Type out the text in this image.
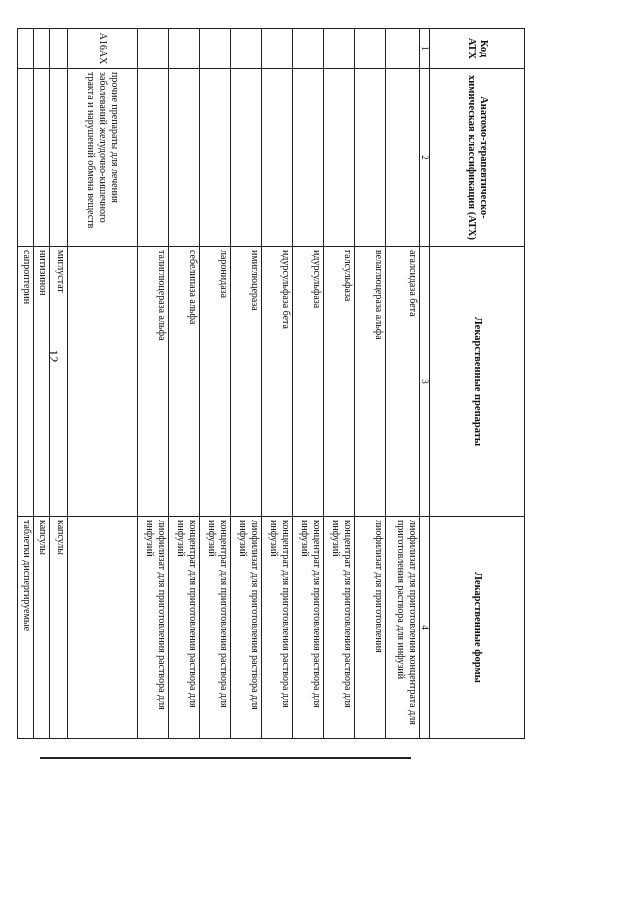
12
Код АТХ	Анатомо-терапевтическо-химическая классификация (АТХ)	Лекарственные препараты	Лекарственные формы
1	2	3	4
		агалсидаза бета	лиофилизат для приготовления концентрата для приготовления раствора для инфузий
		велаглюцераза альфа	лиофилизат для приготовления
		галсульфаза	концентрат для приготовления раствора для инфузий
		идурсульфаза	концентрат для приготовления раствора для инфузий
		идурсульфаза бета	концентрат для приготовления раствора для инфузий
		имиглюцераза	лиофилизат для приготовления раствора для инфузий
		ларонидаза	концентрат для приготовления раствора для инфузий
		себелипаза альфа	концентрат для приготовления раствора для инфузий
		талиглюцераза альфа	лиофилизат для приготовления раствора для инфузий
A16AX	прочие препараты для лечения заболеваний желудочно-кишечного тракта и нарушений обмена веществ		
		миглустат	капсулы
		нитизинон	капсулы
		сапроптерин	таблетки диспергируемые
